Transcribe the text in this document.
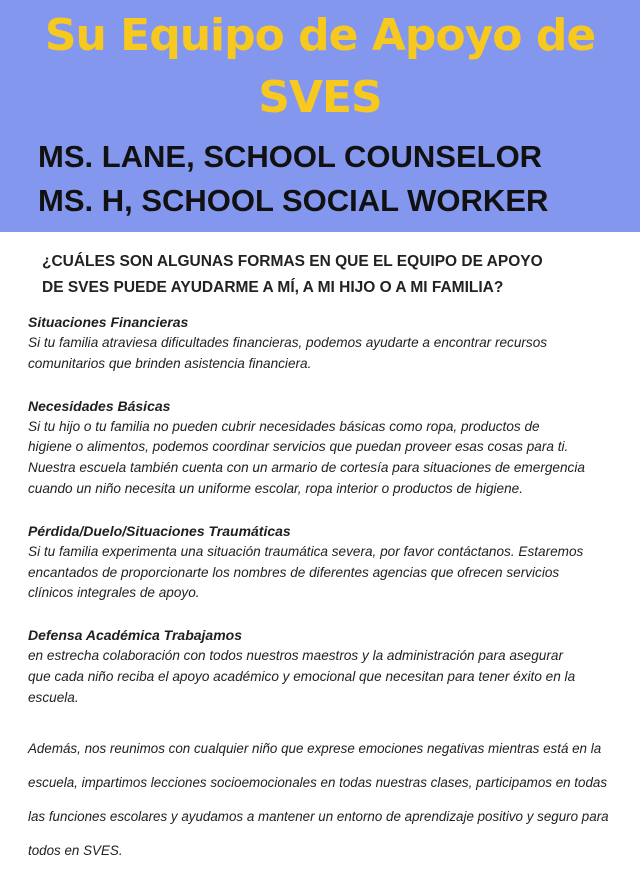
Su Equipo de Apoyo de
SVES
MS. LANE, SCHOOL COUNSELOR
MS. H, SCHOOL SOCIAL WORKER
¿CUÁLES SON ALGUNAS FORMAS EN QUE EL EQUIPO DE APOYO
DE SVES PUEDE AYUDARME A MÍ, A MI HIJO O A MI FAMILIA?
Situaciones Financieras

Si tu familia atraviesa dificultades financieras, podemos ayudarte a encontrar recursos

comunitarios que brinden asistencia financiera.

Necesidades Básicas

Si tu hijo o tu familia no pueden cubrir necesidades básicas como ropa, productos de

higiene o alimentos, podemos coordinar servicios que puedan proveer esas cosas para ti.

Nuestra escuela también cuenta con un armario de cortesía para situaciones de emergencia

cuando un niño necesita un uniforme escolar, ropa interior o productos de higiene.

Pérdida/Duelo/Situaciones Traumáticas

Si tu familia experimenta una situación traumática severa, por favor contáctanos. Estaremos

encantados de proporcionarte los nombres de diferentes agencias que ofrecen servicios

clínicos integrales de apoyo.

Defensa Académica Trabajamos

en estrecha colaboración con todos nuestros maestros y la administración para asegurar

que cada niño reciba el apoyo académico y emocional que necesitan para tener éxito en la

escuela.

Además, nos reunimos con cualquier niño que exprese emociones negativas mientras está en la

escuela, impartimos lecciones socioemocionales en todas nuestras clases, participamos en todas

las funciones escolares y ayudamos a mantener un entorno de aprendizaje positivo y seguro para

todos en SVES.
